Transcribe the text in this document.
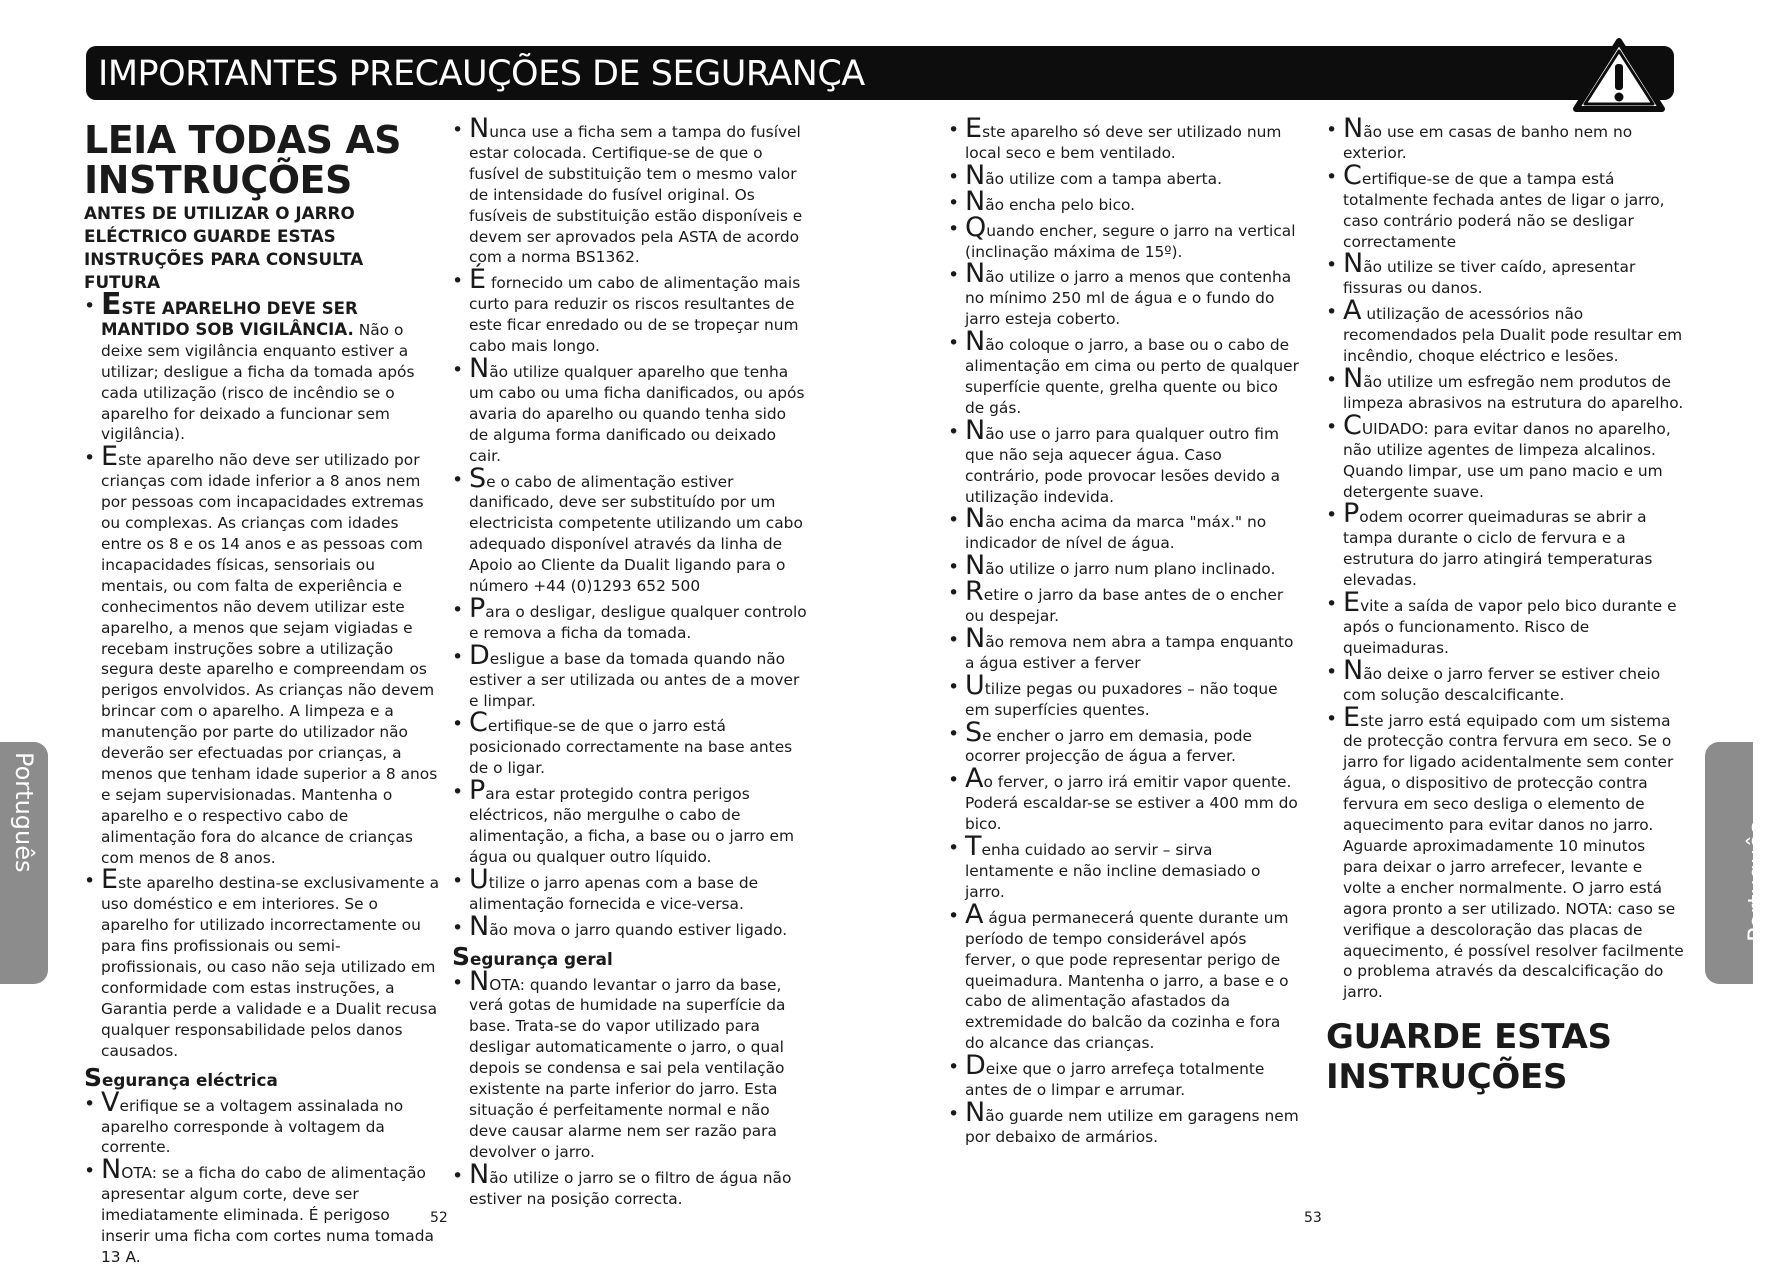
IMPORTANTES PRECAUÇÕES DE SEGURANÇA
Português
Português
LEIA TODAS AS INSTRUÇÕES
ANTES DE UTILIZAR O JARRO ELÉCTRICO GUARDE ESTAS INSTRUÇÕES PARA CONSULTA FUTURA
• ESTE APARELHO DEVE SER MANTIDO SOB VIGILÂNCIA. Não o deixe sem vigilância enquanto estiver a utilizar; desligue a ficha da tomada após cada utilização (risco de incêndio se o aparelho for deixado a funcionar sem vigilância).
• Este aparelho não deve ser utilizado por crianças com idade inferior a 8 anos nem por pessoas com incapacidades extremas ou complexas. As crianças com idades entre os 8 e os 14 anos e as pessoas com incapacidades físicas, sensoriais ou mentais, ou com falta de experiência e conhecimentos não devem utilizar este aparelho, a menos que sejam vigiadas e recebam instruções sobre a utilização segura deste aparelho e compreendam os perigos envolvidos. As crianças não devem brincar com o aparelho. A limpeza e a manutenção por parte do utilizador não deverão ser efectuadas por crianças, a menos que tenham idade superior a 8 anos e sejam supervisionadas. Mantenha o aparelho e o respectivo cabo de alimentação fora do alcance de crianças com menos de 8 anos.
• Este aparelho destina-se exclusivamente a uso doméstico e em interiores. Se o aparelho for utilizado incorrectamente ou para fins profissionais ou semi-profissionais, ou caso não seja utilizado em conformidade com estas instruções, a Garantia perde a validade e a Dualit recusa qualquer responsabilidade pelos danos causados.
Segurança eléctrica
• Verifique se a voltagem assinalada no aparelho corresponde à voltagem da corrente.
• NOTA: se a ficha do cabo de alimentação apresentar algum corte, deve ser imediatamente eliminada. É perigoso inserir uma ficha com cortes numa tomada 13 A.
• Nunca use a ficha sem a tampa do fusível estar colocada. Certifique-se de que o fusível de substituição tem o mesmo valor de intensidade do fusível original. Os fusíveis de substituição estão disponíveis e devem ser aprovados pela ASTA de acordo com a norma BS1362.
• É fornecido um cabo de alimentação mais curto para reduzir os riscos resultantes de este ficar enredado ou de se tropeçar num cabo mais longo.
• Não utilize qualquer aparelho que tenha um cabo ou uma ficha danificados, ou após avaria do aparelho ou quando tenha sido de alguma forma danificado ou deixado cair.
• Se o cabo de alimentação estiver danificado, deve ser substituído por um electricista competente utilizando um cabo adequado disponível através da linha de Apoio ao Cliente da Dualit ligando para o número +44 (0)1293 652 500
• Para o desligar, desligue qualquer controlo e remova a ficha da tomada.
• Desligue a base da tomada quando não estiver a ser utilizada ou antes de a mover e limpar.
• Certifique-se de que o jarro está posicionado correctamente na base antes de o ligar.
• Para estar protegido contra perigos eléctricos, não mergulhe o cabo de alimentação, a ficha, a base ou o jarro em água ou qualquer outro líquido.
• Utilize o jarro apenas com a base de alimentação fornecida e vice-versa.
• Não mova o jarro quando estiver ligado.
Segurança geral
• NOTA: quando levantar o jarro da base, verá gotas de humidade na superfície da base. Trata-se do vapor utilizado para desligar automaticamente o jarro, o qual depois se condensa e sai pela ventilação existente na parte inferior do jarro. Esta situação é perfeitamente normal e não deve causar alarme nem ser razão para devolver o jarro.
• Não utilize o jarro se o filtro de água não estiver na posição correcta.
• Este aparelho só deve ser utilizado num local seco e bem ventilado.
• Não utilize com a tampa aberta.
• Não encha pelo bico.
• Quando encher, segure o jarro na vertical (inclinação máxima de 15º).
• Não utilize o jarro a menos que contenha no mínimo 250 ml de água e o fundo do jarro esteja coberto.
• Não coloque o jarro, a base ou o cabo de alimentação em cima ou perto de qualquer superfície quente, grelha quente ou bico de gás.
• Não use o jarro para qualquer outro fim que não seja aquecer água. Caso contrário, pode provocar lesões devido a utilização indevida.
• Não encha acima da marca "máx." no indicador de nível de água.
• Não utilize o jarro num plano inclinado.
• Retire o jarro da base antes de o encher ou despejar.
• Não remova nem abra a tampa enquanto a água estiver a ferver
• Utilize pegas ou puxadores – não toque em superfícies quentes.
• Se encher o jarro em demasia, pode ocorrer projecção de água a ferver.
• Ao ferver, o jarro irá emitir vapor quente. Poderá escaldar-se se estiver a 400 mm do bico.
• Tenha cuidado ao servir – sirva lentamente e não incline demasiado o jarro.
• A água permanecerá quente durante um período de tempo considerável após ferver, o que pode representar perigo de queimadura. Mantenha o jarro, a base e o cabo de alimentação afastados da extremidade do balcão da cozinha e fora do alcance das crianças.
• Deixe que o jarro arrefeça totalmente antes de o limpar e arrumar.
• Não guarde nem utilize em garagens nem por debaixo de armários.
• Não use em casas de banho nem no exterior.
• Certifique-se de que a tampa está totalmente fechada antes de ligar o jarro, caso contrário poderá não se desligar correctamente
• Não utilize se tiver caído, apresentar fissuras ou danos.
• A utilização de acessórios não recomendados pela Dualit pode resultar em incêndio, choque eléctrico e lesões.
• Não utilize um esfregão nem produtos de limpeza abrasivos na estrutura do aparelho.
• CUIDADO: para evitar danos no aparelho, não utilize agentes de limpeza alcalinos. Quando limpar, use um pano macio e um detergente suave.
• Podem ocorrer queimaduras se abrir a tampa durante o ciclo de fervura e a estrutura do jarro atingirá temperaturas elevadas.
• Evite a saída de vapor pelo bico durante e após o funcionamento. Risco de queimaduras.
• Não deixe o jarro ferver se estiver cheio com solução descalcificante.
• Este jarro está equipado com um sistema de protecção contra fervura em seco. Se o jarro for ligado acidentalmente sem conter água, o dispositivo de protecção contra fervura em seco desliga o elemento de aquecimento para evitar danos no jarro. Aguarde aproximadamente 10 minutos para deixar o jarro arrefecer, levante e volte a encher normalmente. O jarro está agora pronto a ser utilizado. NOTA: caso se verifique a descoloração das placas de aquecimento, é possível resolver facilmente o problema através da descalcificação do jarro.
GUARDE ESTAS INSTRUÇÕES
52	53
